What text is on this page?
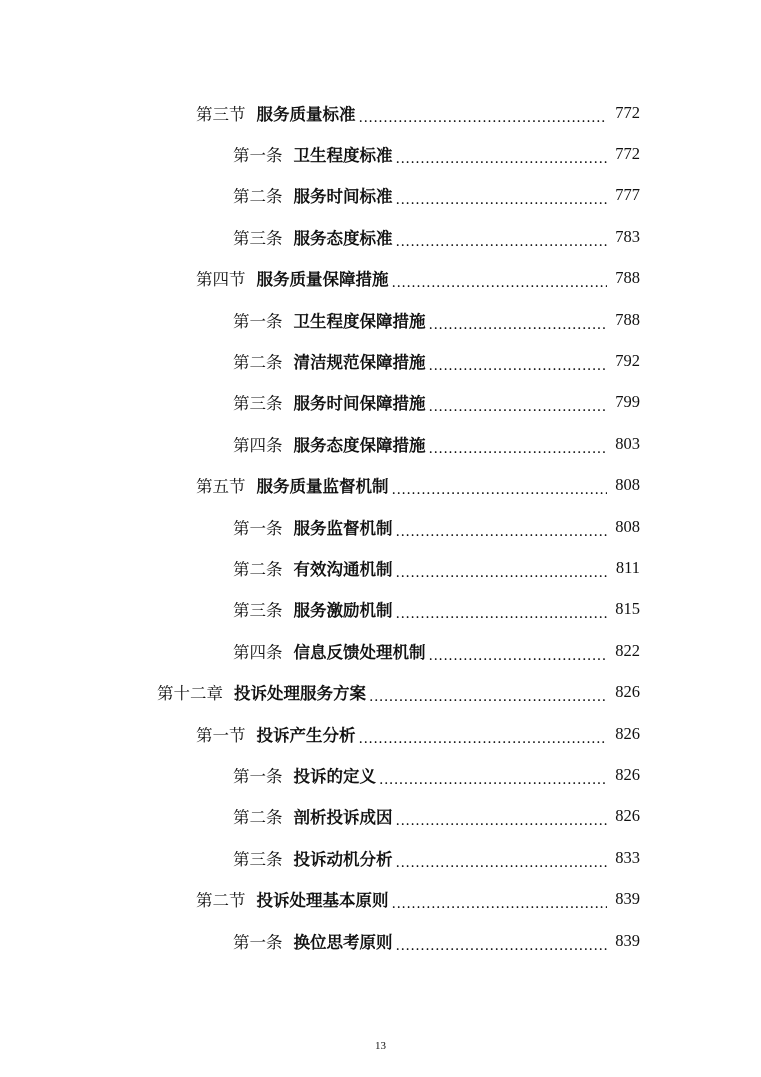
第三节 服务质量标准 .....	772
第一条 卫生程度标准 .....	772
第二条 服务时间标准 .....	777
第三条 服务态度标准 .....	783
第四节 服务质量保障措施 .....	788
第一条 卫生程度保障措施 .....	788
第二条 清洁规范保障措施 .....	792
第三条 服务时间保障措施 .....	799
第四条 服务态度保障措施 .....	803
第五节 服务质量监督机制 .....	808
第一条 服务监督机制 .....	808
第二条 有效沟通机制 .....	811
第三条 服务激励机制 .....	815
第四条 信息反馈处理机制 .....	822
第十二章 投诉处理服务方案 .....	826
第一节 投诉产生分析 .....	826
第一条 投诉的定义 .....	826
第二条 剖析投诉成因 .....	826
第三条 投诉动机分析 .....	833
第二节 投诉处理基本原则 .....	839
第一条 换位思考原则 .....	839
13
